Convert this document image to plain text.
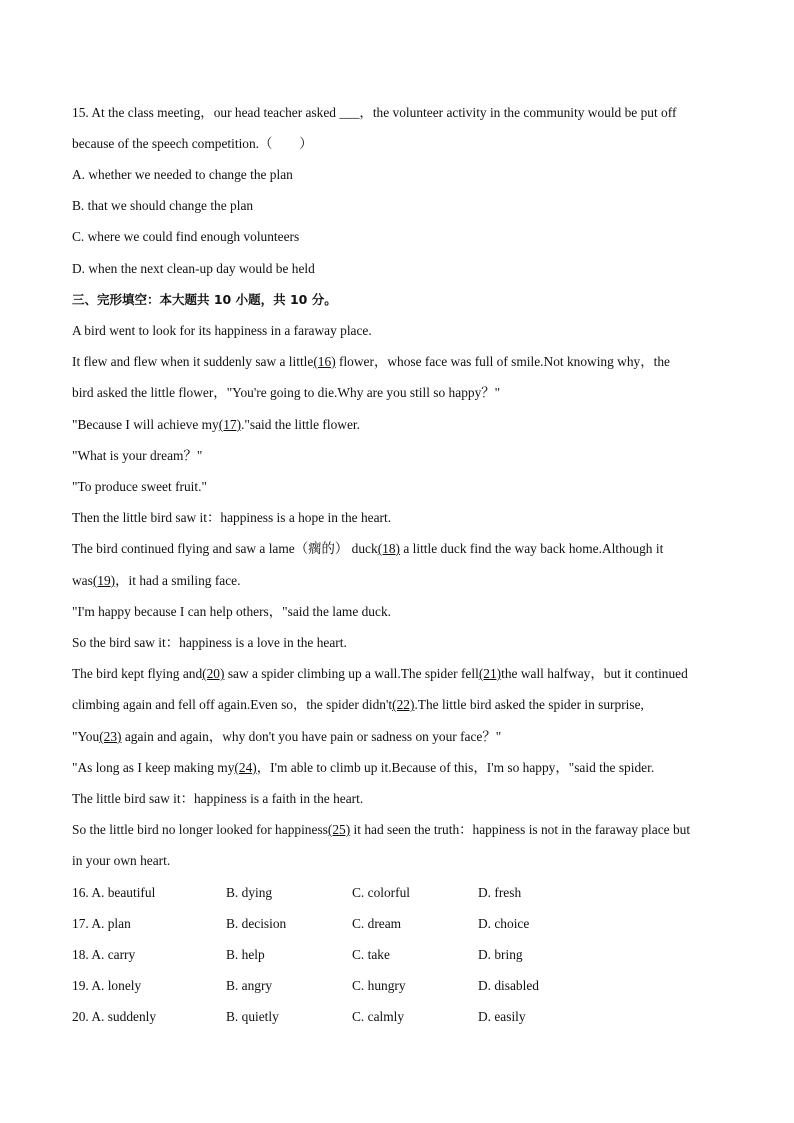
15. At the class meeting，our head teacher asked ___，the volunteer activity in the community would be put off
because of the speech competition.（　　）
A. whether we needed to change the plan
B. that we should change the plan
C. where we could find enough volunteers
D. when the next clean-up day would be held
三、完形填空：本大题共 10 小题，共 10 分。
A bird went to look for its happiness in a faraway place.
It flew and flew when it suddenly saw a little(16) flower，whose face was full of smile.Not knowing why，the
bird asked the little flower，"You're going to die.Why are you still so happy？"
"Because I will achieve my(17)."said the little flower.
"What is your dream？"
"To produce sweet fruit."
Then the little bird saw it：happiness is a hope in the heart.
The bird continued flying and saw a lame（瘸的） duck(18) a little duck find the way back home.Although it
was(19)，it had a smiling face.
"I'm happy because I can help others，"said the lame duck.
So the bird saw it：happiness is a love in the heart.
The bird kept flying and(20) saw a spider climbing up a wall.The spider fell(21)the wall halfway，but it continued
climbing again and fell off again.Even so，the spider didn't(22).The little bird asked the spider in surprise,
"You(23) again and again，why don't you have pain or sadness on your face？"
"As long as I keep making my(24)，I'm able to climb up it.Because of this，I'm so happy，"said the spider.
The little bird saw it：happiness is a faith in the heart.
So the little bird no longer looked for happiness(25) it had seen the truth：happiness is not in the faraway place but
in your own heart.
16. A. beautiful	B. dying	C. colorful	D. fresh
17. A. plan	B. decision	C. dream	D. choice
18. A. carry	B. help	C. take	D. bring
19. A. lonely	B. angry	C. hungry	D. disabled
20. A. suddenly	B. quietly	C. calmly	D. easily
